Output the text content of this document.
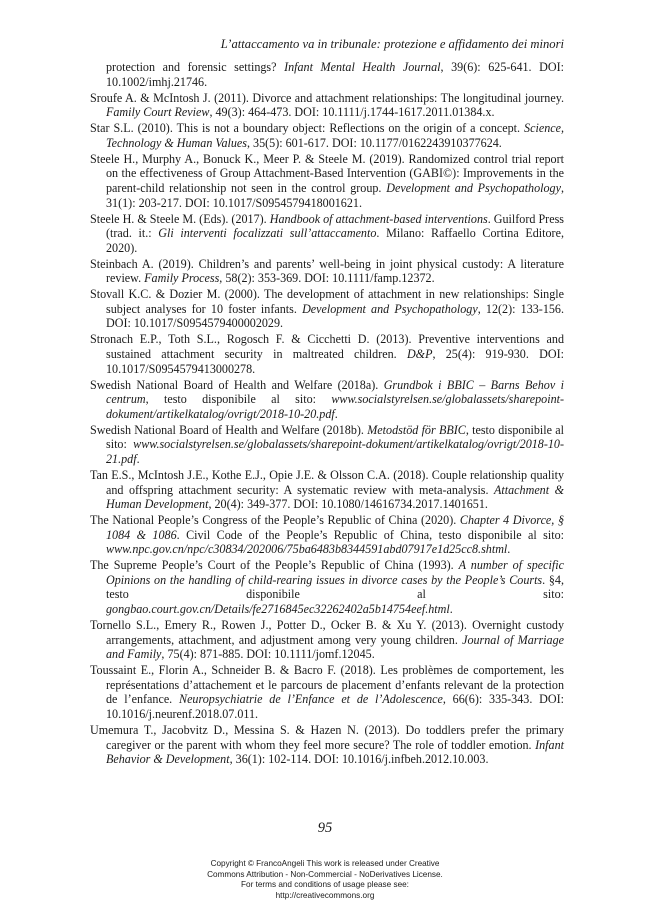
L’attaccamento va in tribunale: protezione e affidamento dei minori
protection and forensic settings? Infant Mental Health Journal, 39(6): 625-641. DOI: 10.1002/imhj.21746.
Sroufe A. & McIntosh J. (2011). Divorce and attachment relationships: The longitudinal journey. Family Court Review, 49(3): 464-473. DOI: 10.1111/j.1744-1617.2011.01384.x.
Star S.L. (2010). This is not a boundary object: Reflections on the origin of a concept. Science, Technology & Human Values, 35(5): 601-617. DOI: 10.1177/0162243910377624.
Steele H., Murphy A., Bonuck K., Meer P. & Steele M. (2019). Randomized control trial report on the effectiveness of Group Attachment-Based Intervention (GABI©): Improvements in the parent-child relationship not seen in the control group. Development and Psychopathology, 31(1): 203-217. DOI: 10.1017/S0954579418001621.
Steele H. & Steele M. (Eds). (2017). Handbook of attachment-based interventions. Guilford Press (trad. it.: Gli interventi focalizzati sull’attaccamento. Milano: Raffaello Cortina Editore, 2020).
Steinbach A. (2019). Children’s and parents’ well-being in joint physical custody: A literature review. Family Process, 58(2): 353-369. DOI: 10.1111/famp.12372.
Stovall K.C. & Dozier M. (2000). The development of attachment in new relationships: Single subject analyses for 10 foster infants. Development and Psychopathology, 12(2): 133-156. DOI: 10.1017/S0954579400002029.
Stronach E.P., Toth S.L., Rogosch F. & Cicchetti D. (2013). Preventive interventions and sustained attachment security in maltreated children. D&P, 25(4): 919-930. DOI: 10.1017/S0954579413000278.
Swedish National Board of Health and Welfare (2018a). Grundbok i BBIC – Barns Behov i centrum, testo disponibile al sito: www.socialstyrelsen.se/globalassets/sharepoint-dokument/artikelkatalog/ovrigt/2018-10-20.pdf.
Swedish National Board of Health and Welfare (2018b). Metodstöd för BBIC, testo disponibile al sito: www.socialstyrelsen.se/globalassets/sharepoint-dokument/artikelkatalog/ovrigt/2018-10-21.pdf.
Tan E.S., McIntosh J.E., Kothe E.J., Opie J.E. & Olsson C.A. (2018). Couple relationship quality and offspring attachment security: A systematic review with meta-analysis. Attachment & Human Development, 20(4): 349-377. DOI: 10.1080/14616734.2017.1401651.
The National People’s Congress of the People’s Republic of China (2020). Chapter 4 Divorce, § 1084 & 1086. Civil Code of the People’s Republic of China, testo disponibile al sito: www.npc.gov.cn/npc/c30834/202006/75ba6483b8344591abd07917e1d25cc8.shtml.
The Supreme People’s Court of the People’s Republic of China (1993). A number of specific Opinions on the handling of child-rearing issues in divorce cases by the People’s Courts. §4, testo disponibile al sito: gongbao.court.gov.cn/Details/fe2716845ec32262402a5b14754eef.html.
Tornello S.L., Emery R., Rowen J., Potter D., Ocker B. & Xu Y. (2013). Overnight custody arrangements, attachment, and adjustment among very young children. Journal of Marriage and Family, 75(4): 871-885. DOI: 10.1111/jomf.12045.
Toussaint E., Florin A., Schneider B. & Bacro F. (2018). Les problèmes de comportement, les représentations d’attachement et le parcours de placement d’enfants relevant de la protection de l’enfance. Neuropsychiatrie de l’Enfance et de l’Adolescence, 66(6): 335-343. DOI: 10.1016/j.neurenf.2018.07.011.
Umemura T., Jacobvitz D., Messina S. & Hazen N. (2013). Do toddlers prefer the primary caregiver or the parent with whom they feel more secure? The role of toddler emotion. Infant Behavior & Development, 36(1): 102-114. DOI: 10.1016/j.infbeh.2012.10.003.
95
Copyright © FrancoAngeli This work is released under Creative
Commons Attribution - Non-Commercial - NoDerivatives License.
For terms and conditions of usage please see:
http://creativecommons.org
